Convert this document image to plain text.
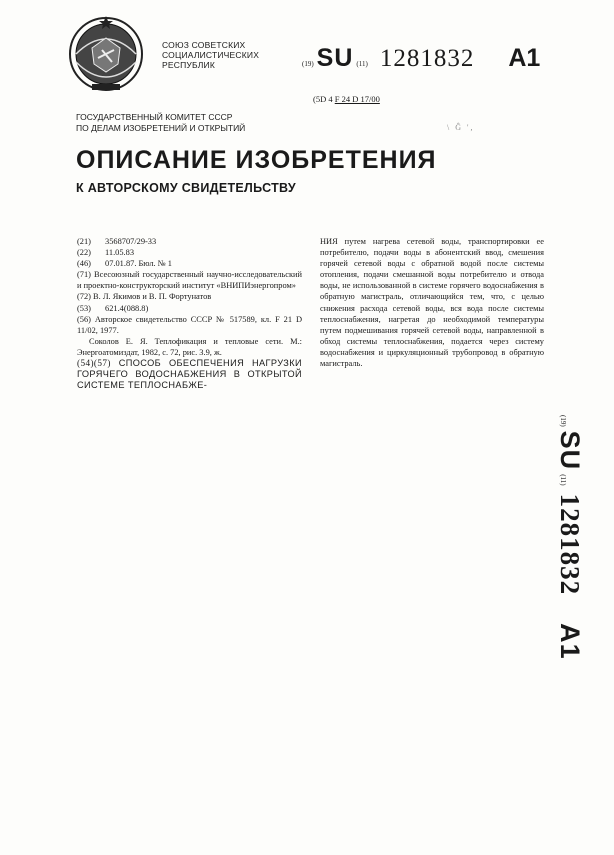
СОЮЗ СОВЕТСКИХ
СОЦИАЛИСТИЧЕСКИХ
РЕСПУБЛИК	(19) SU (11) 1281832 A1
(5D 4 F 24 D 17/00
\ Ĝ ',
ГОСУДАРСТВЕННЫЙ КОМИТЕТ СССР
ПО ДЕЛАМ ИЗОБРЕТЕНИЙ И ОТКРЫТИЙ
ОПИСАНИЕ ИЗОБРЕТЕНИЯ
К АВТОРСКОМУ СВИДЕТЕЛЬСТВУ
(21)	3568707/29-33
(22)	11.05.83
(46)	07.01.87. Бюл. № 1
(71) Всесоюзный государственный научно-исследовательский и проектно-конструкторский институт «ВНИПИэнергопром»
(72) В. Л. Якимов и В. П. Фортунатов
(53)	621.4(088.8)
(56) Авторское свидетельство СССР № 517589, кл. F 21 D 11/02, 1977.
Соколов Е. Я. Теплофикация и тепловые сети. М.: Энергоатомиздат, 1982, с. 72, рис. 3.9, ж.
(54)(57) СПОСОБ ОБЕСПЕЧЕНИЯ НАГРУЗКИ ГОРЯЧЕГО ВОДОСНАБЖЕНИЯ В ОТКРЫТОЙ СИСТЕМЕ ТЕПЛОСНАБЖЕ-
НИЯ путем нагрева сетевой воды, транспортировки ее потребителю, подачи воды в абонентский ввод, смешения горячей сетевой воды с обратной водой после системы отопления, подачи смешанной воды потребителю и отвода воды, не использованной в системе горячего водоснабжения в обратную магистраль, отличающийся тем, что, с целью снижения расхода сетевой воды, вся вода после системы теплоснабжения, нагретая до необходимой температуры путем подмешивания горячей сетевой воды, направленной в обход системы теплоснабжения, подается через систему водоснабжения и циркуляционный трубопровод в обратную магистраль.
(19)
SU
(11)
1281832
A1
